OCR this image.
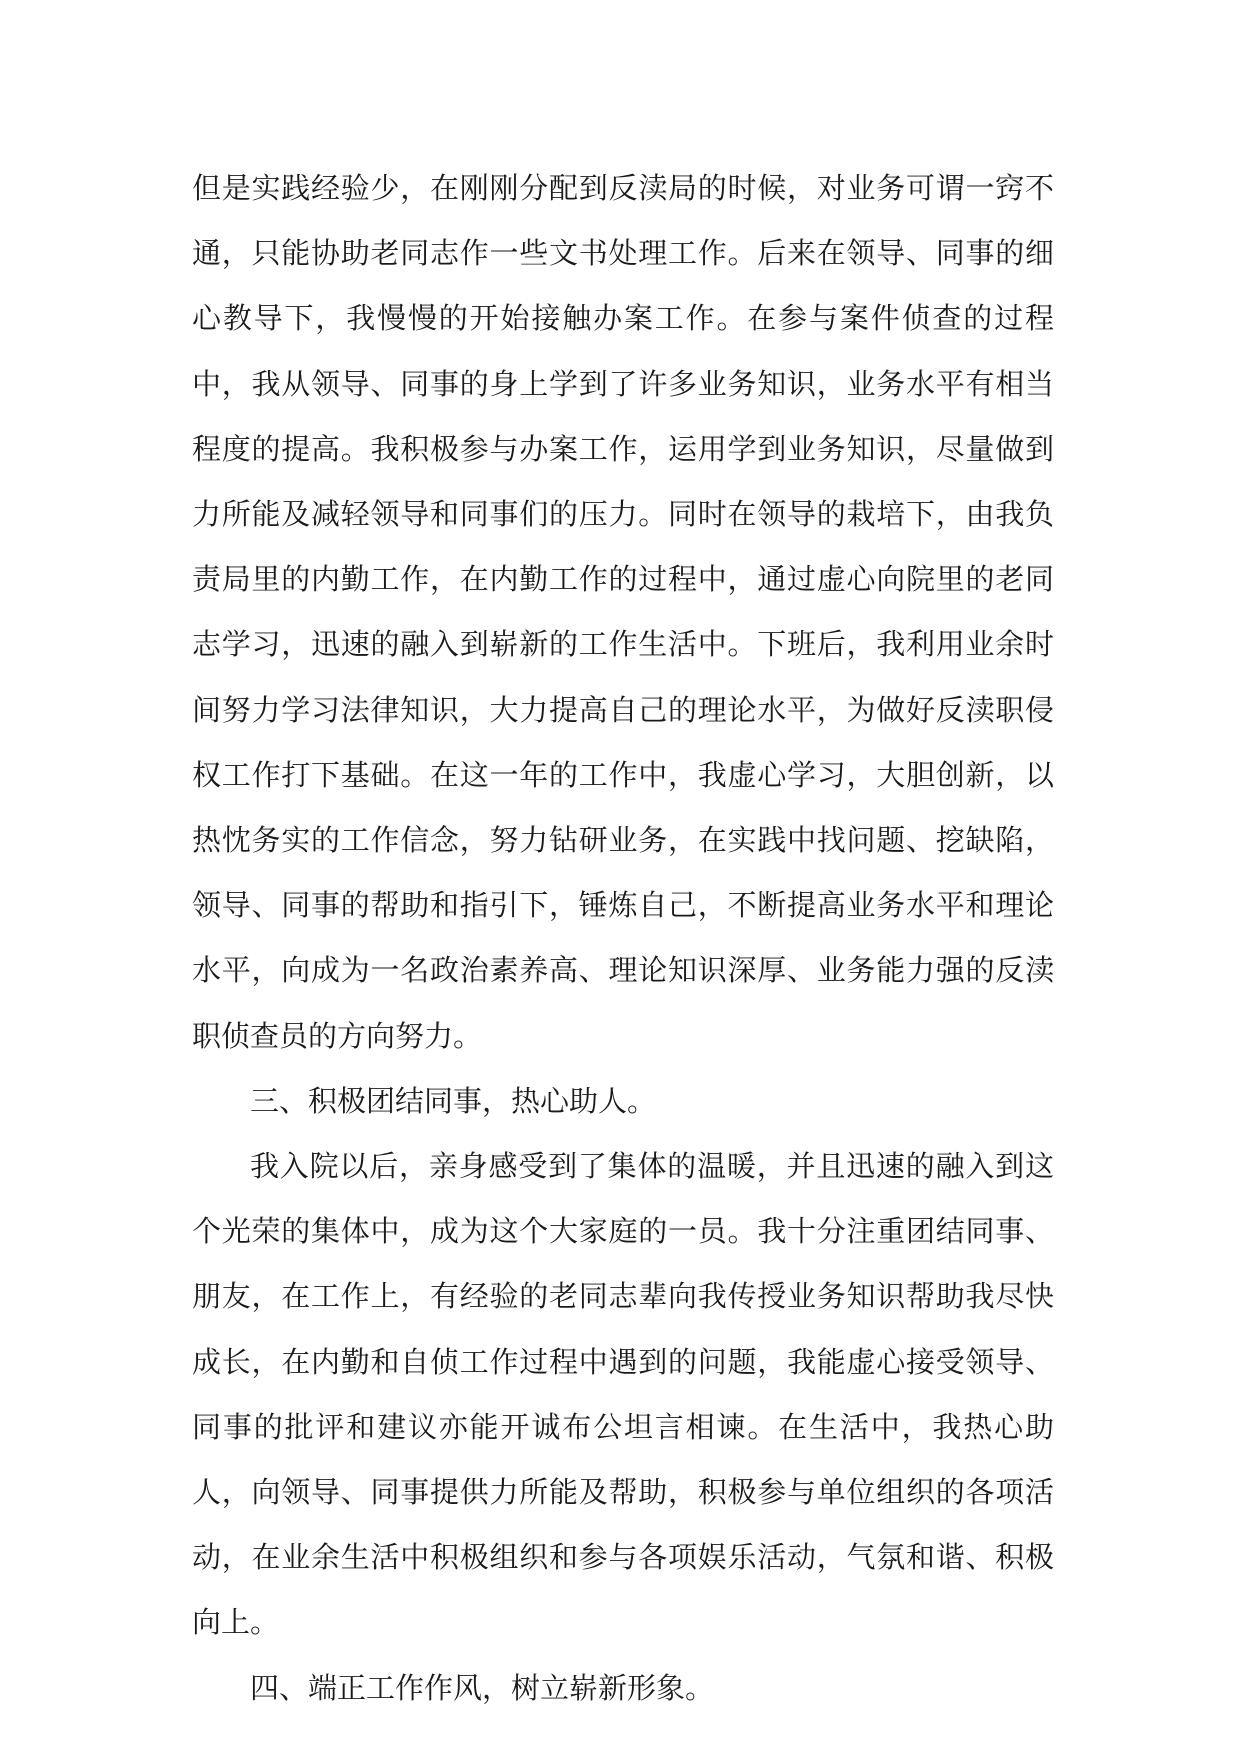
但是实践经验少，在刚刚分配到反渎局的时候，对业务可谓一窍不通，只能协助老同志作一些文书处理工作。后来在领导、同事的细心教导下，我慢慢的开始接触办案工作。在参与案件侦查的过程中，我从领导、同事的身上学到了许多业务知识，业务水平有相当程度的提高。我积极参与办案工作，运用学到业务知识，尽量做到力所能及减轻领导和同事们的压力。同时在领导的栽培下，由我负责局里的内勤工作，在内勤工作的过程中，通过虚心向院里的老同志学习，迅速的融入到崭新的工作生活中。下班后，我利用业余时间努力学习法律知识，大力提高自己的理论水平，为做好反渎职侵权工作打下基础。在这一年的工作中，我虚心学习，大胆创新，以热忱务实的工作信念，努力钻研业务，在实践中找问题、挖缺陷，领导、同事的帮助和指引下，锤炼自己，不断提高业务水平和理论水平，向成为一名政治素养高、理论知识深厚、业务能力强的反渎职侦查员的方向努力。

三、积极团结同事，热心助人。

我入院以后，亲身感受到了集体的温暖，并且迅速的融入到这个光荣的集体中，成为这个大家庭的一员。我十分注重团结同事、朋友，在工作上，有经验的老同志辈向我传授业务知识帮助我尽快成长，在内勤和自侦工作过程中遇到的问题，我能虚心接受领导、同事的批评和建议亦能开诚布公坦言相谏。在生活中，我热心助人，向领导、同事提供力所能及帮助，积极参与单位组织的各项活动，在业余生活中积极组织和参与各项娱乐活动，气氛和谐、积极向上。

四、端正工作作风，树立崭新形象。
